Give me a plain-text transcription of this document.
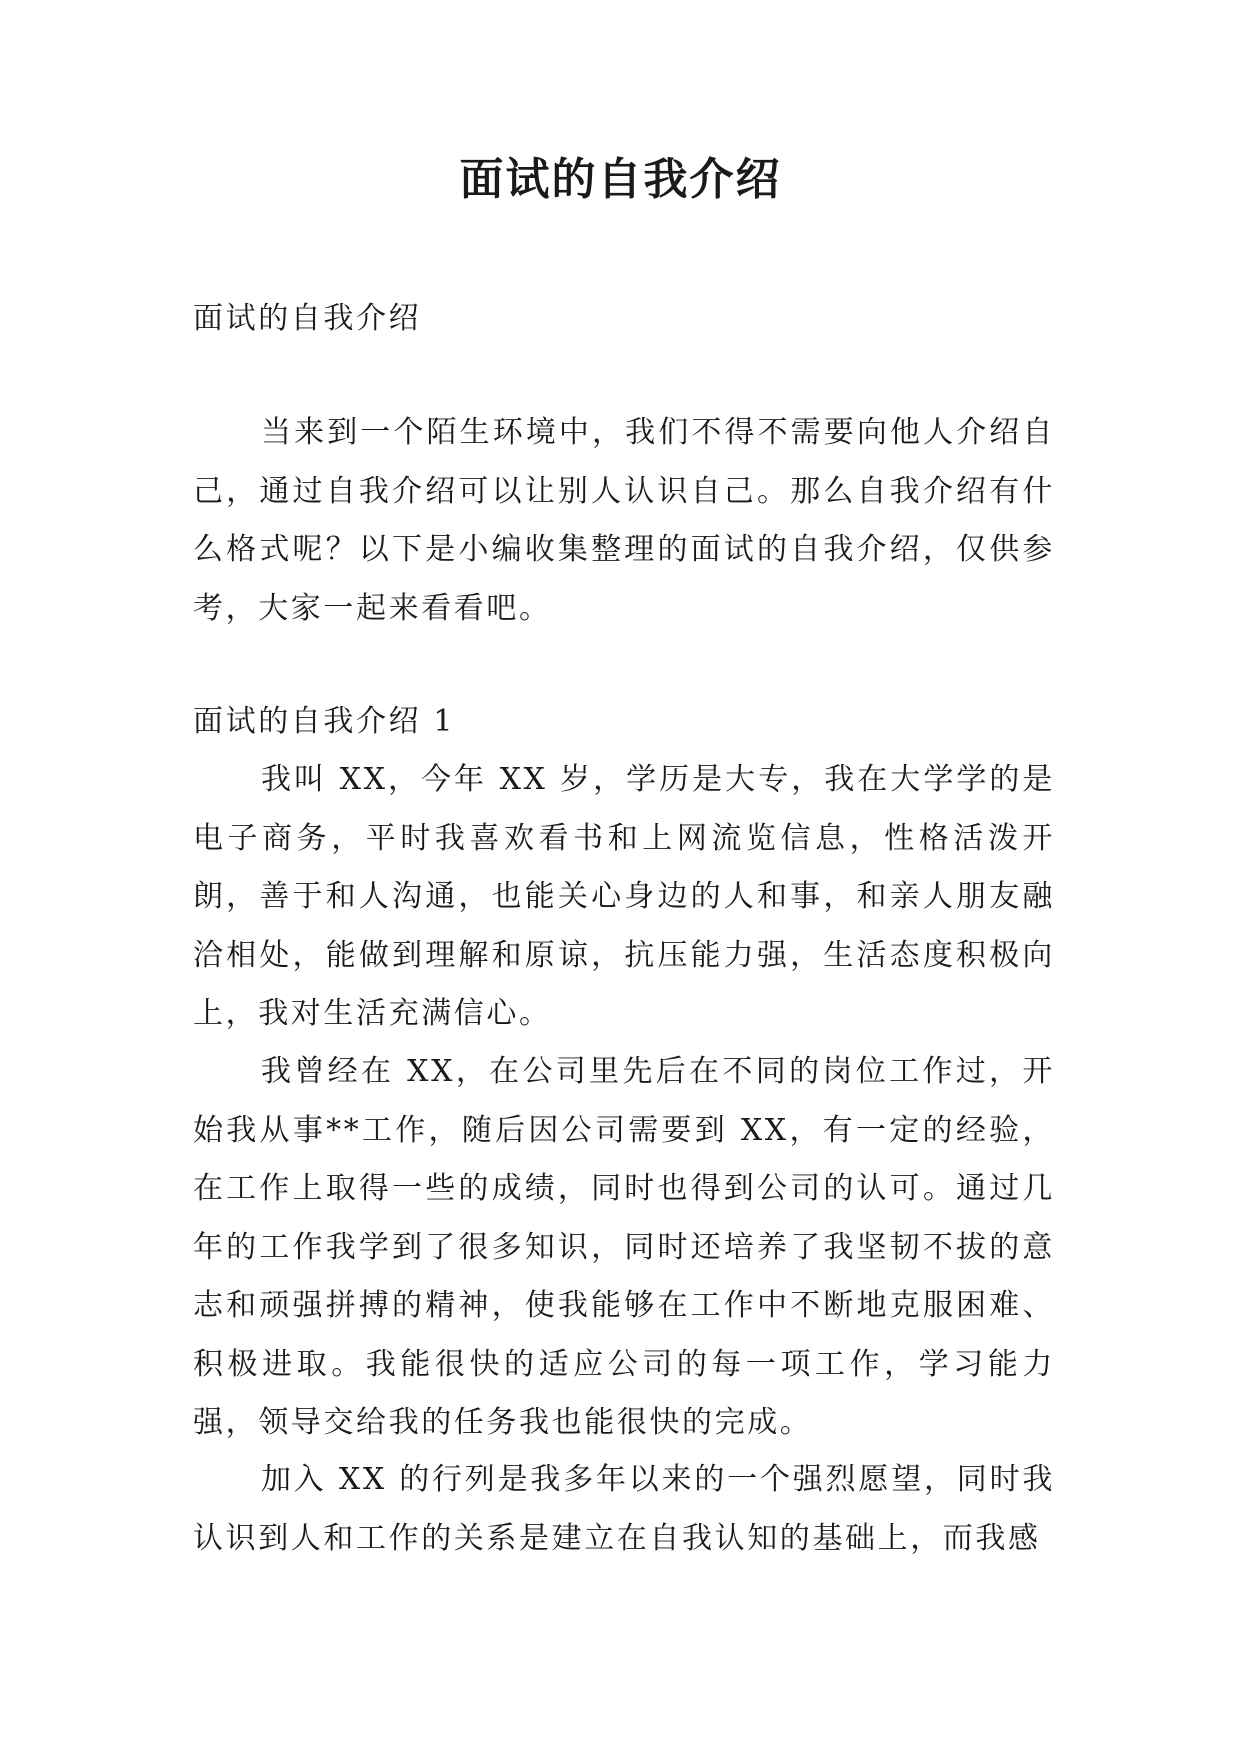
面试的自我介绍

面试的自我介绍

当来到一个陌生环境中，我们不得不需要向他人介绍自己，通过自我介绍可以让别人认识自己。那么自我介绍有什么格式呢？以下是小编收集整理的面试的自我介绍，仅供参考，大家一起来看看吧。

面试的自我介绍 1

我叫 XX，今年 XX 岁，学历是大专，我在大学学的是电子商务，平时我喜欢看书和上网流览信息，性格活泼开朗，善于和人沟通，也能关心身边的人和事，和亲人朋友融洽相处，能做到理解和原谅，抗压能力强，生活态度积极向上，我对生活充满信心。

我曾经在 XX，在公司里先后在不同的岗位工作过，开始我从事**工作，随后因公司需要到 XX，有一定的经验，在工作上取得一些的成绩，同时也得到公司的认可。通过几年的工作我学到了很多知识，同时还培养了我坚韧不拔的意志和顽强拼搏的精神，使我能够在工作中不断地克服困难、积极进取。我能很快的适应公司的每一项工作，学习能力强，领导交给我的任务我也能很快的完成。

加入 XX 的行列是我多年以来的一个强烈愿望，同时我认识到人和工作的关系是建立在自我认知的基础上，而我感
